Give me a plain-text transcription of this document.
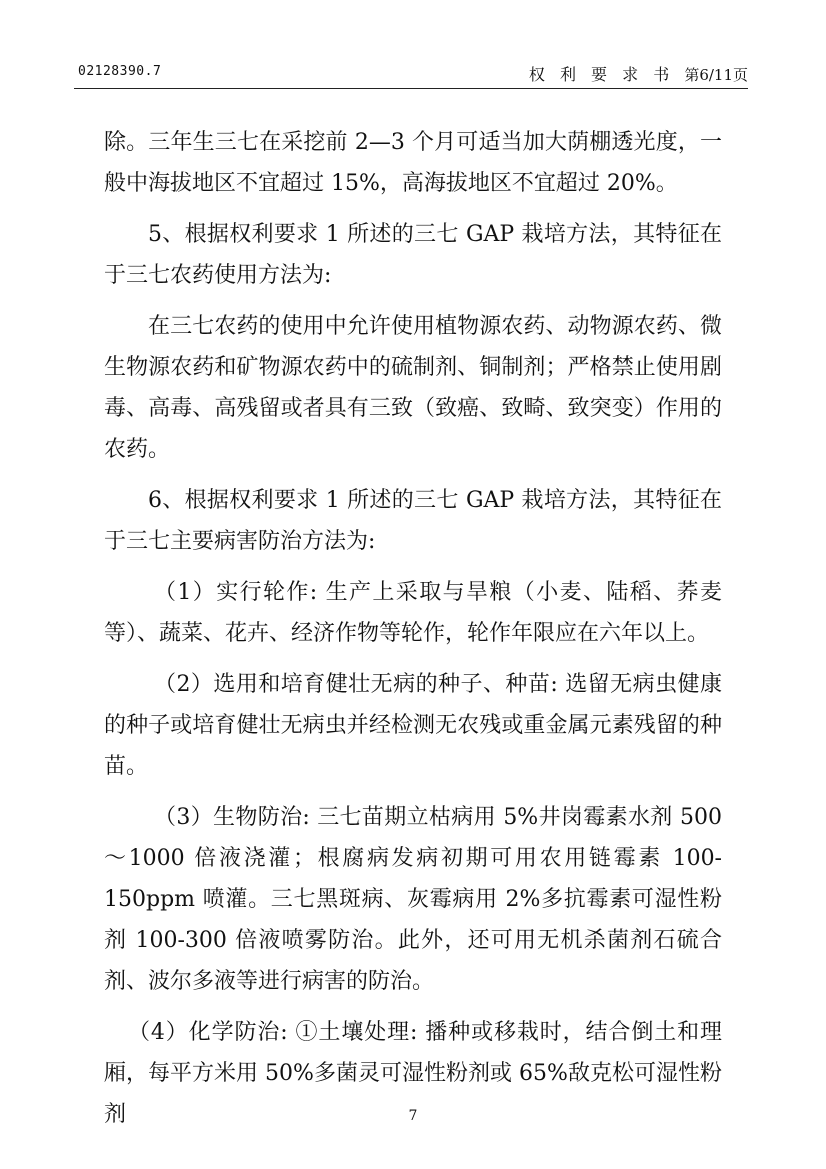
02128390.7	权 利 要 求 书 第6/11页

除。三年生三七在采挖前 2—3 个月可适当加大荫棚透光度，一般中海拔地区不宜超过 15%，高海拔地区不宜超过 20%。

5、根据权利要求 1 所述的三七 GAP 栽培方法，其特征在于三七农药使用方法为:

在三七农药的使用中允许使用植物源农药、动物源农药、微生物源农药和矿物源农药中的硫制剂、铜制剂；严格禁止使用剧毒、高毒、高残留或者具有三致（致癌、致畸、致突变）作用的农药。

6、根据权利要求 1 所述的三七 GAP 栽培方法，其特征在于三七主要病害防治方法为:

（1）实行轮作: 生产上采取与旱粮（小麦、陆稻、荞麦等）、蔬菜、花卉、经济作物等轮作，轮作年限应在六年以上。

（2）选用和培育健壮无病的种子、种苗: 选留无病虫健康的种子或培育健壮无病虫并经检测无农残或重金属元素残留的种苗。

（3）生物防治: 三七苗期立枯病用 5%井岗霉素水剂 500～1000 倍液浇灌；根腐病发病初期可用农用链霉素 100-150ppm 喷灌。三七黑斑病、灰霉病用 2%多抗霉素可湿性粉剂 100-300 倍液喷雾防治。此外，还可用无机杀菌剂石硫合剂、波尔多液等进行病害的防治。

（4）化学防治: ①土壤处理: 播种或移栽时，结合倒土和理厢，每平方米用 50%多菌灵可湿性粉剂或 65%敌克松可湿性粉剂	7
